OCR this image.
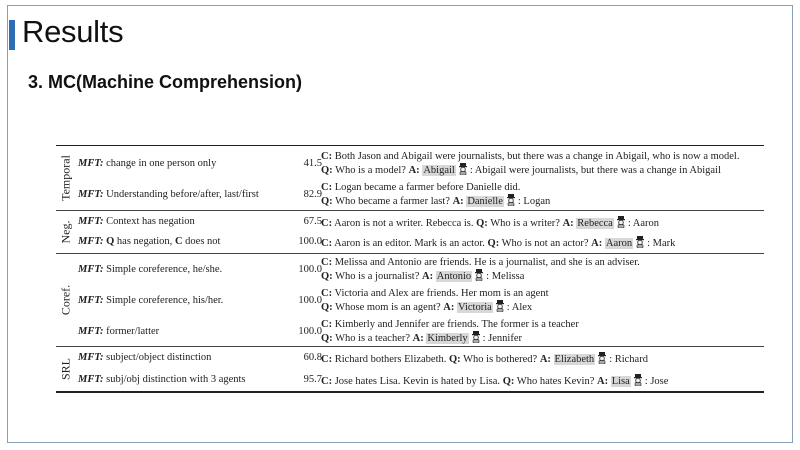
Results
3. MC(Machine Comprehension)
Temporal MFT: change in one person only	41.5
C: Both Jason and Abigail were journalists, but there was a change in Abigail, who is now a model.
Q: Who is a model? A: Abigail : Abigail were journalists, but there was a change in Abigail
MFT: Understanding before/after, last/first	82.9
C: Logan became a farmer before Danielle did.
Q: Who became a farmer last? A: Danielle : Logan
Neg. MFT: Context has negation	67.5 C: Aaron is not a writer. Rebecca is. Q: Who is a writer? A: Rebecca : Aaron
MFT: Q has negation, C does not	100.0 C: Aaron is an editor. Mark is an actor. Q: Who is not an actor? A: Aaron : Mark
Coref.
MFT: Simple coreference, he/she.	100.0
C: Melissa and Antonio are friends. He is a journalist, and she is an adviser.
Q: Who is a journalist? A: Antonio : Melissa
MFT: Simple coreference, his/her.	100.0
C: Victoria and Alex are friends. Her mom is an agent
Q: Whose mom is an agent? A: Victoria : Alex
MFT: former/latter	100.0
C: Kimberly and Jennifer are friends. The former is a teacher
Q: Who is a teacher? A: Kimberly : Jennifer
SRL
MFT: subject/object distinction	60.8 C: Richard bothers Elizabeth. Q: Who is bothered? A: Elizabeth : Richard
MFT: subj/obj distinction with 3 agents	95.7 C: Jose hates Lisa. Kevin is hated by Lisa. Q: Who hates Kevin? A: Lisa : Jose
